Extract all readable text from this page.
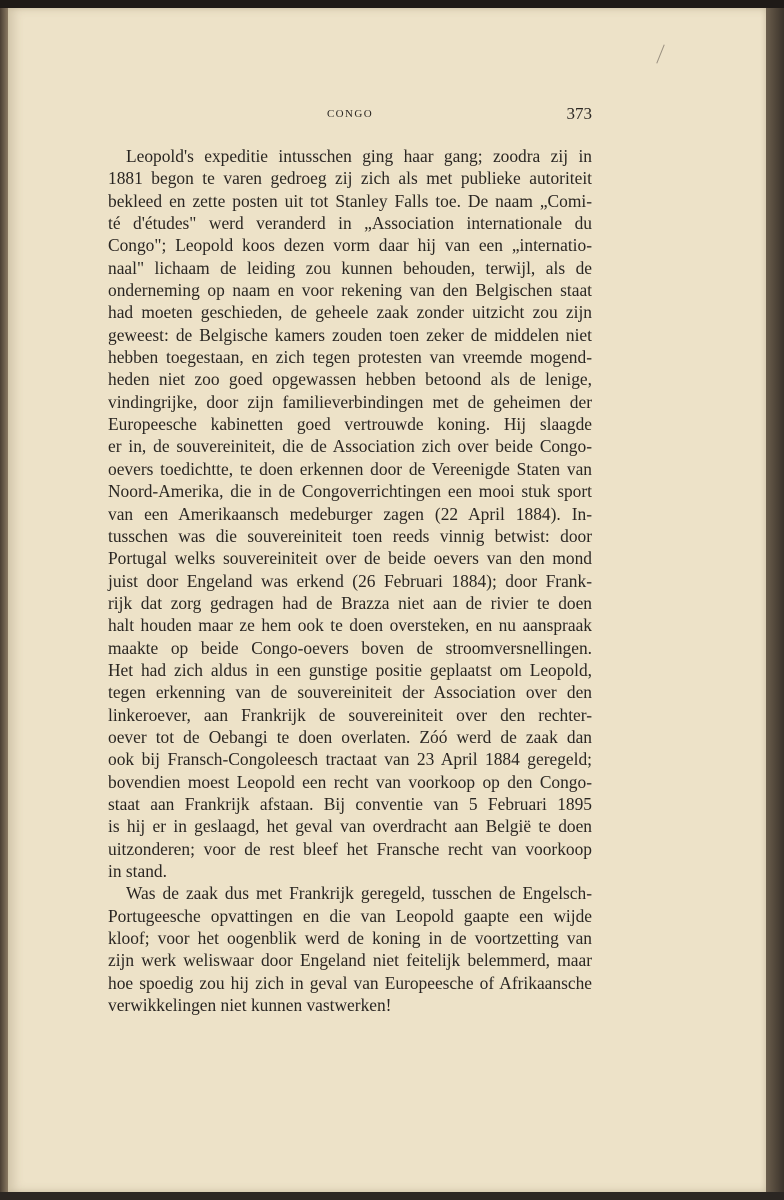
CONGO	373

Leopold's expeditie intusschen ging haar gang; zoodra zij in
1881 begon te varen gedroeg zij zich als met publieke autoriteit
bekleed en zette posten uit tot Stanley Falls toe. De naam „Comi-
té d'études" werd veranderd in „Association internationale du
Congo"; Leopold koos dezen vorm daar hij van een „internatio-
naal" lichaam de leiding zou kunnen behouden, terwijl, als de
onderneming op naam en voor rekening van den Belgischen staat
had moeten geschieden, de geheele zaak zonder uitzicht zou zijn
geweest: de Belgische kamers zouden toen zeker de middelen niet
hebben toegestaan, en zich tegen protesten van vreemde mogend-
heden niet zoo goed opgewassen hebben betoond als de lenige,
vindingrijke, door zijn familieverbindingen met de geheimen der
Europeesche kabinetten goed vertrouwde koning. Hij slaagde
er in, de souvereiniteit, die de Association zich over beide Congo-
oevers toedichtte, te doen erkennen door de Vereenigde Staten van
Noord-Amerika, die in de Congoverrichtingen een mooi stuk sport
van een Amerikaansch medeburger zagen (22 April 1884). In-
tusschen was die souvereiniteit toen reeds vinnig betwist: door
Portugal welks souvereiniteit over de beide oevers van den mond
juist door Engeland was erkend (26 Februari 1884); door Frank-
rijk dat zorg gedragen had de Brazza niet aan de rivier te doen
halt houden maar ze hem ook te doen oversteken, en nu aanspraak
maakte op beide Congo-oevers boven de stroomversnellingen.
Het had zich aldus in een gunstige positie geplaatst om Leopold,
tegen erkenning van de souvereiniteit der Association over den
linkeroever, aan Frankrijk de souvereiniteit over den rechter-
oever tot de Oebangi te doen overlaten. Zóó werd de zaak dan
ook bij Fransch-Congoleesch tractaat van 23 April 1884 geregeld;
bovendien moest Leopold een recht van voorkoop op den Congo-
staat aan Frankrijk afstaan. Bij conventie van 5 Februari 1895
is hij er in geslaagd, het geval van overdracht aan België te doen
uitzonderen; voor de rest bleef het Fransche recht van voorkoop
in stand.

Was de zaak dus met Frankrijk geregeld, tusschen de Engelsch-
Portugeesche opvattingen en die van Leopold gaapte een wijde
kloof; voor het oogenblik werd de koning in de voortzetting van
zijn werk weliswaar door Engeland niet feitelijk belemmerd, maar
hoe spoedig zou hij zich in geval van Europeesche of Afrikaansche
verwikkelingen niet kunnen vastwerken!
